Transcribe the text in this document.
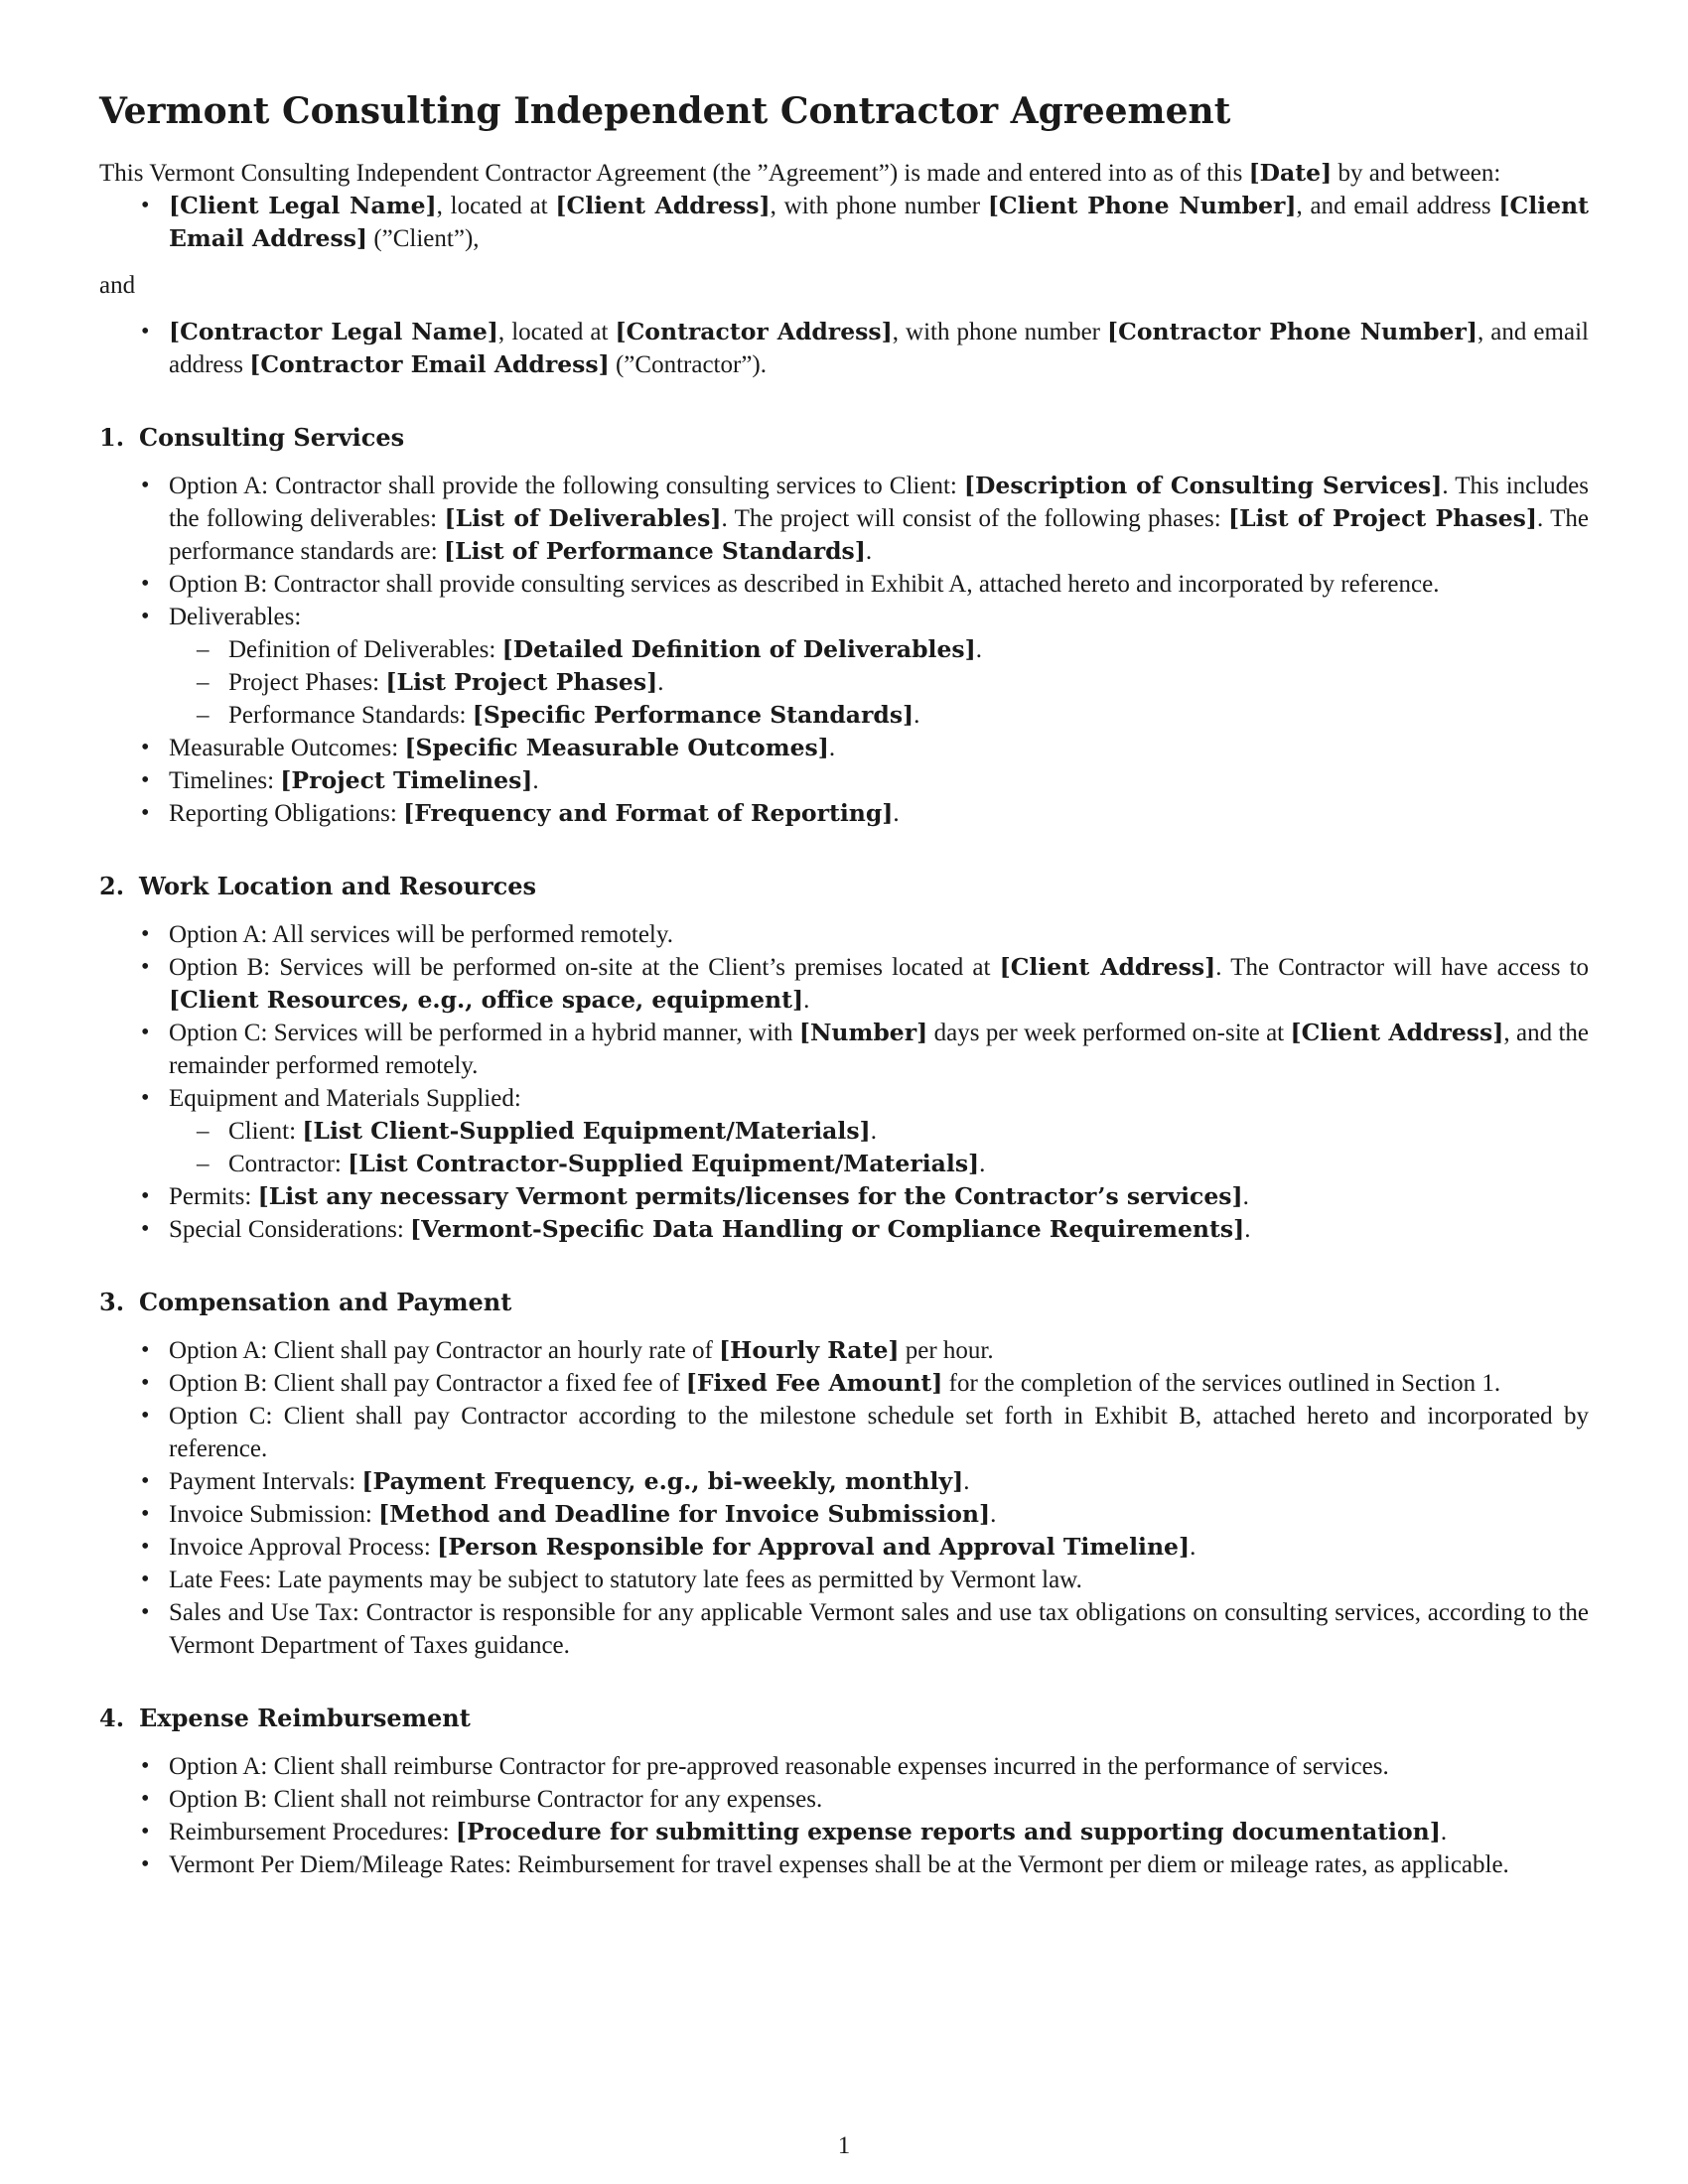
Vermont Consulting Independent Contractor Agreement

This Vermont Consulting Independent Contractor Agreement (the ”Agreement”) is made and entered into as of this [Date] by and between:

• [Client Legal Name], located at [Client Address], with phone number [Client Phone Number], and email address [Client Email Address] (”Client”),

and

• [Contractor Legal Name], located at [Contractor Address], with phone number [Contractor Phone Number], and email address [Contractor Email Address] (”Contractor”).
1. Consulting Services
• Option A: Contractor shall provide the following consulting services to Client: [Description of Consulting Services]. This includes the following deliverables: [List of Deliverables]. The project will consist of the following phases: [List of Project Phases]. The performance standards are: [List of Performance Standards].
• Option B: Contractor shall provide consulting services as described in Exhibit A, attached hereto and incorporated by reference.
• Deliverables:
– Definition of Deliverables: [Detailed Definition of Deliverables].
– Project Phases: [List Project Phases].
– Performance Standards: [Specific Performance Standards].
• Measurable Outcomes: [Specific Measurable Outcomes].
• Timelines: [Project Timelines].
• Reporting Obligations: [Frequency and Format of Reporting].
2. Work Location and Resources
• Option A: All services will be performed remotely.
• Option B: Services will be performed on-site at the Client’s premises located at [Client Address]. The Contractor will have access to [Client Resources, e.g., office space, equipment].
• Option C: Services will be performed in a hybrid manner, with [Number] days per week performed on-site at [Client Address], and the remainder performed remotely.
• Equipment and Materials Supplied:
– Client: [List Client-Supplied Equipment/Materials].
– Contractor: [List Contractor-Supplied Equipment/Materials].
• Permits: [List any necessary Vermont permits/licenses for the Contractor’s services].
• Special Considerations: [Vermont-Specific Data Handling or Compliance Requirements].
3. Compensation and Payment
• Option A: Client shall pay Contractor an hourly rate of [Hourly Rate] per hour.
• Option B: Client shall pay Contractor a fixed fee of [Fixed Fee Amount] for the completion of the services outlined in Section 1.
• Option C: Client shall pay Contractor according to the milestone schedule set forth in Exhibit B, attached hereto and incorporated by reference.
• Payment Intervals: [Payment Frequency, e.g., bi-weekly, monthly].
• Invoice Submission: [Method and Deadline for Invoice Submission].
• Invoice Approval Process: [Person Responsible for Approval and Approval Timeline].
• Late Fees: Late payments may be subject to statutory late fees as permitted by Vermont law.
• Sales and Use Tax: Contractor is responsible for any applicable Vermont sales and use tax obligations on consulting services, according to the Vermont Department of Taxes guidance.
4. Expense Reimbursement
• Option A: Client shall reimburse Contractor for pre-approved reasonable expenses incurred in the performance of services.
• Option B: Client shall not reimburse Contractor for any expenses.
• Reimbursement Procedures: [Procedure for submitting expense reports and supporting documentation].
• Vermont Per Diem/Mileage Rates: Reimbursement for travel expenses shall be at the Vermont per diem or mileage rates, as applicable.
1
